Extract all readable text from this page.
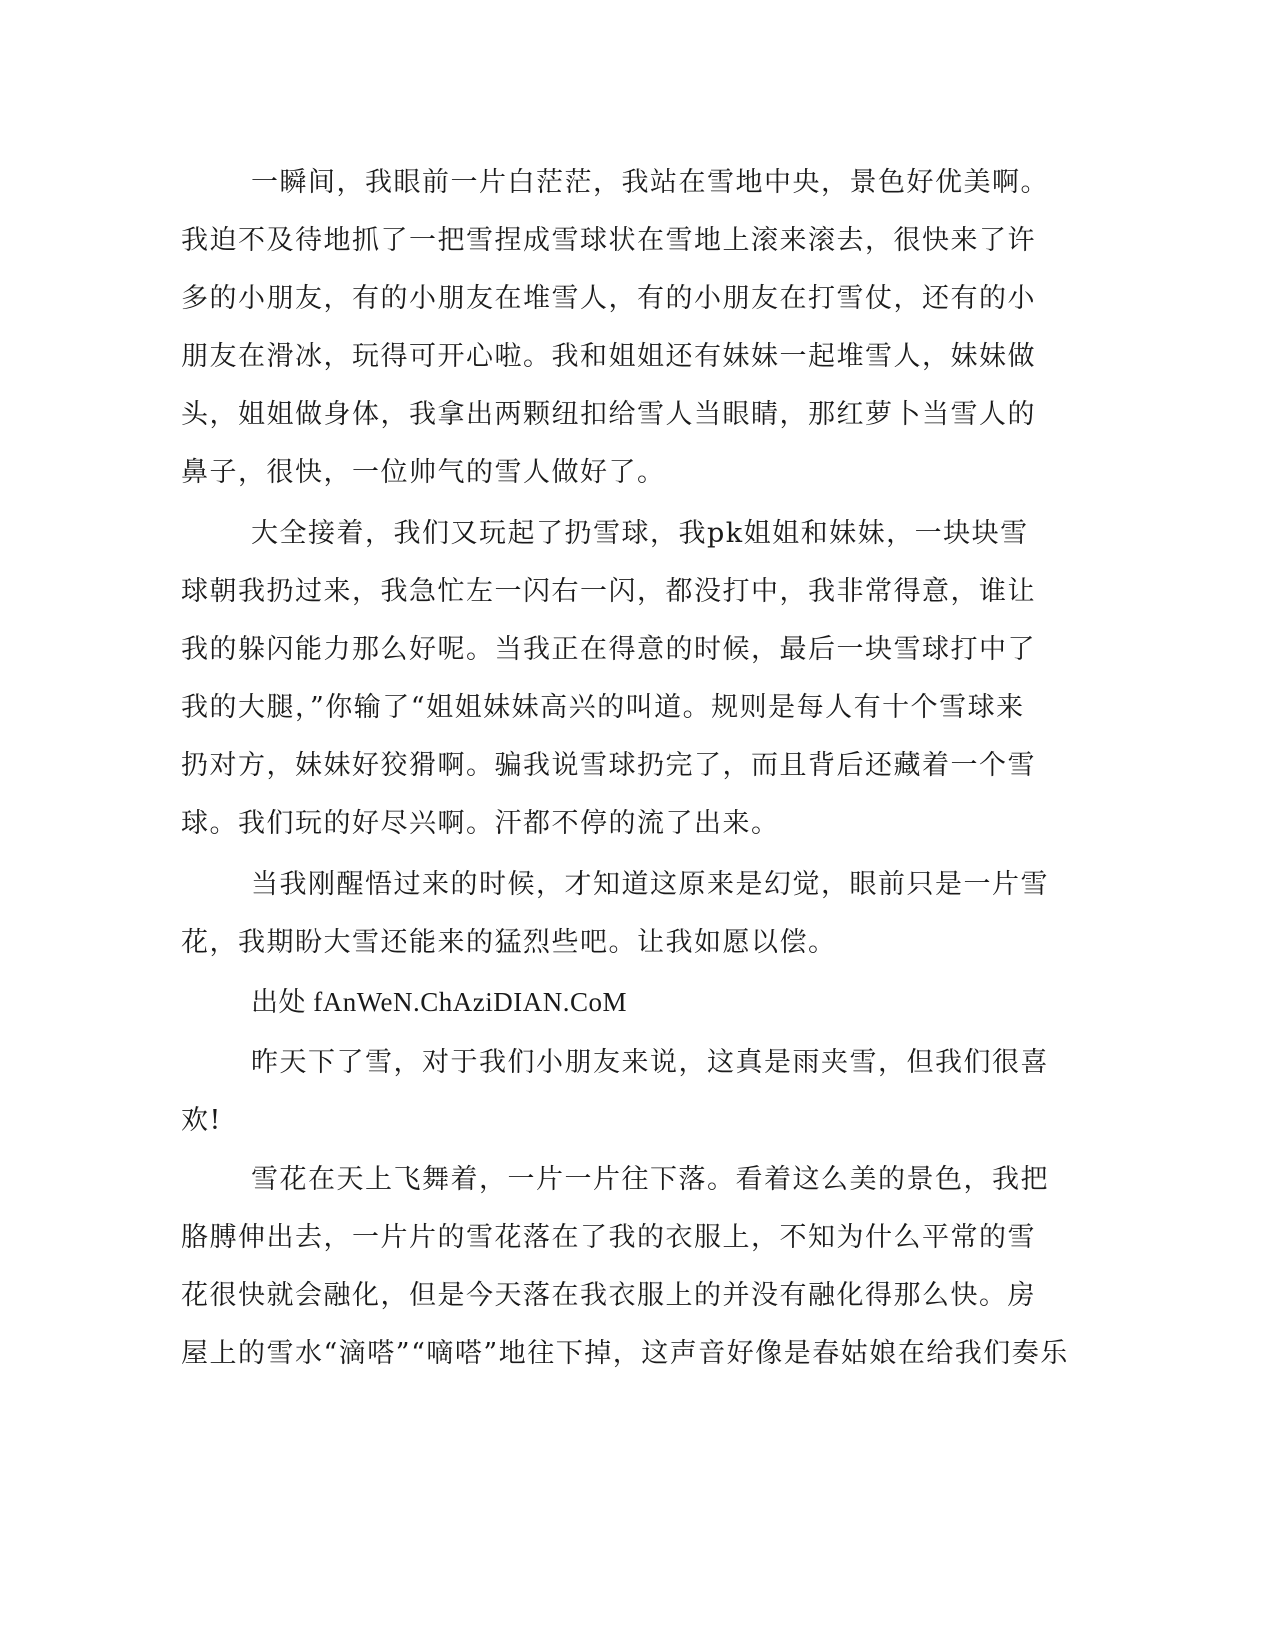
一瞬间，我眼前一片白茫茫，我站在雪地中央，景色好优美啊。
我迫不及待地抓了一把雪捏成雪球状在雪地上滚来滚去，很快来了许
多的小朋友，有的小朋友在堆雪人，有的小朋友在打雪仗，还有的小
朋友在滑冰，玩得可开心啦。我和姐姐还有妹妹一起堆雪人，妹妹做
头，姐姐做身体，我拿出两颗纽扣给雪人当眼睛，那红萝卜当雪人的
鼻子，很快，一位帅气的雪人做好了。
大全接着，我们又玩起了扔雪球，我pk姐姐和妹妹，一块块雪
球朝我扔过来，我急忙左一闪右一闪，都没打中，我非常得意，谁让
我的躲闪能力那么好呢。当我正在得意的时候，最后一块雪球打中了
我的大腿，”你输了“姐姐妹妹高兴的叫道。规则是每人有十个雪球来
扔对方，妹妹好狡猾啊。骗我说雪球扔完了，而且背后还藏着一个雪
球。我们玩的好尽兴啊。汗都不停的流了出来。
当我刚醒悟过来的时候，才知道这原来是幻觉，眼前只是一片雪
花，我期盼大雪还能来的猛烈些吧。让我如愿以偿。
出处 fAnWeN.ChAziDIAN.CoM
昨天下了雪，对于我们小朋友来说，这真是雨夹雪，但我们很喜
欢!
雪花在天上飞舞着，一片一片往下落。看着这么美的景色，我把
胳膊伸出去，一片片的雪花落在了我的衣服上，不知为什么平常的雪
花很快就会融化，但是今天落在我衣服上的并没有融化得那么快。房
屋上的雪水“滴嗒”“嘀嗒”地往下掉，这声音好像是春姑娘在给我们奏乐
